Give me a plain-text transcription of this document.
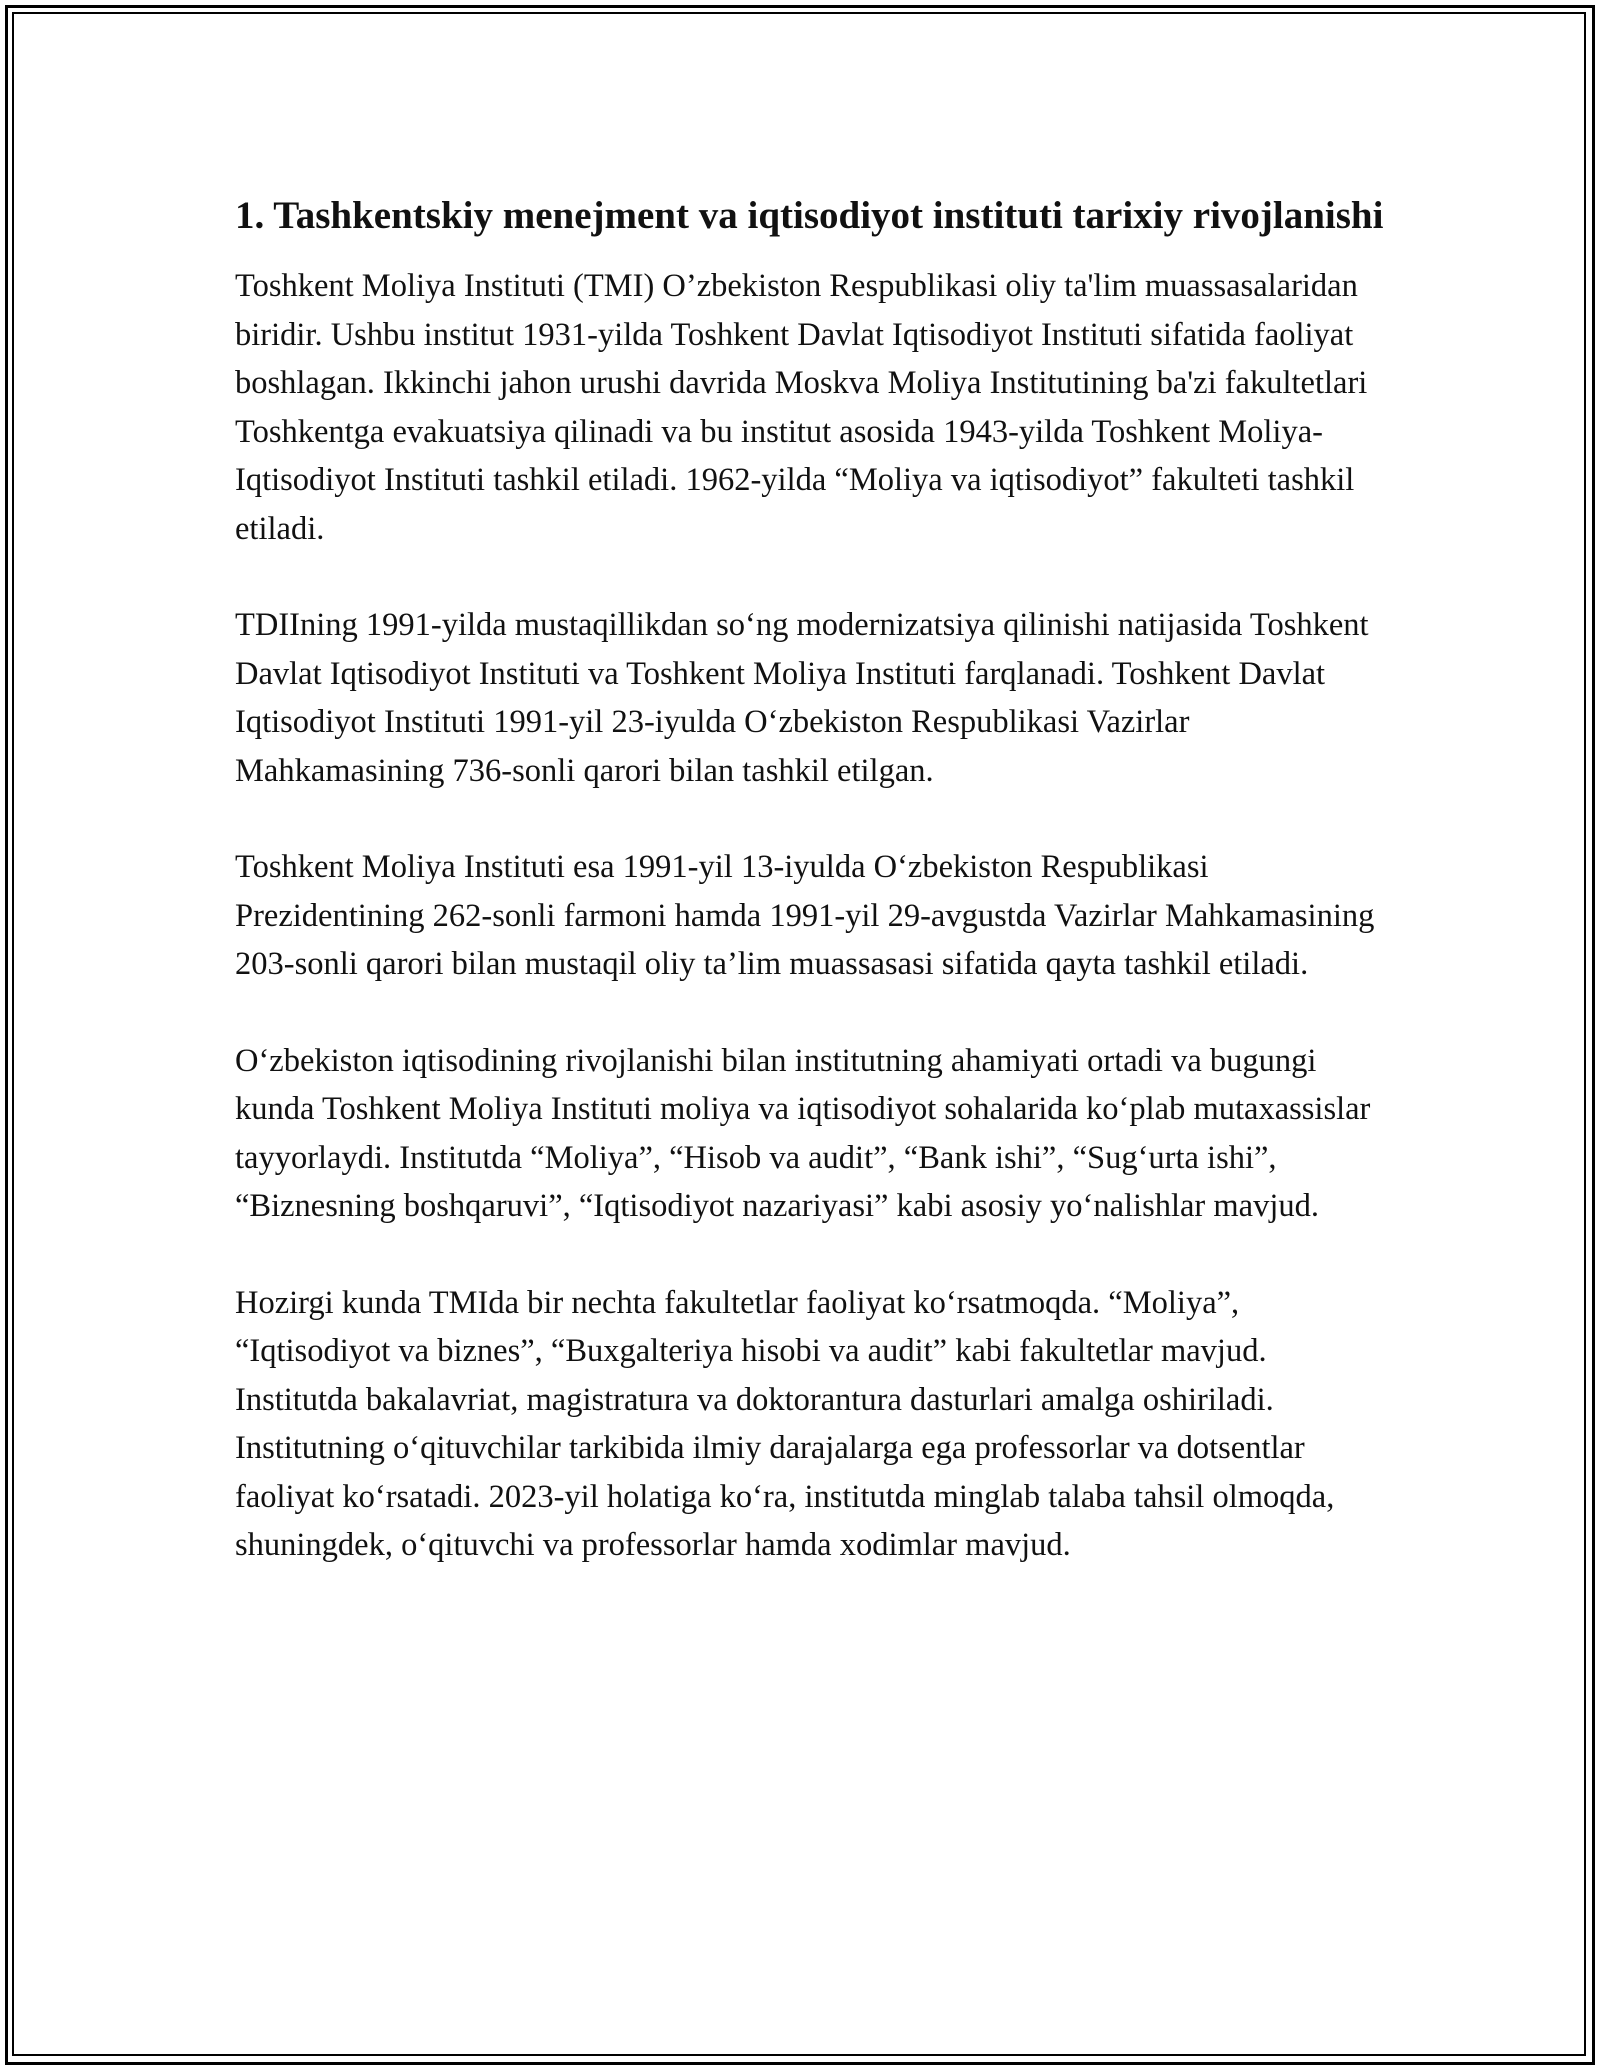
1. Tashkentskiy menejment va iqtisodiyot instituti tarixiy rivojlanishi

Toshkent Moliya Instituti (TMI) O’zbekiston Respublikasi oliy ta'lim muassasalaridan biridir. Ushbu institut 1931-yilda Toshkent Davlat Iqtisodiyot Instituti sifatida faoliyat boshlagan. Ikkinchi jahon urushi davrida Moskva Moliya Institutining ba'zi fakultetlari Toshkentga evakuatsiya qilinadi va bu institut asosida 1943-yilda Toshkent Moliya- Iqtisodiyot Instituti tashkil etiladi. 1962-yilda “Moliya va iqtisodiyot” fakulteti tashkil etiladi.

TDIIning 1991-yilda mustaqillikdan so‘ng modernizatsiya qilinishi natijasida Toshkent Davlat Iqtisodiyot Instituti va Toshkent Moliya Instituti farqlanadi. Toshkent Davlat Iqtisodiyot Instituti 1991-yil 23-iyulda O‘zbekiston Respublikasi Vazirlar Mahkamasining 736-sonli qarori bilan tashkil etilgan.

Toshkent Moliya Instituti esa 1991-yil 13-iyulda O‘zbekiston Respublikasi Prezidentining 262-sonli farmoni hamda 1991-yil 29-avgustda Vazirlar Mahkamasining 203-sonli qarori bilan mustaqil oliy ta’lim muassasasi sifatida qayta tashkil etiladi.

O‘zbekiston iqtisodining rivojlanishi bilan institutning ahamiyati ortadi va bugungi kunda Toshkent Moliya Instituti moliya va iqtisodiyot sohalarida ko‘plab mutaxassislar tayyorlaydi. Institutda “Moliya”, “Hisob va audit”, “Bank ishi”, “Sug‘urta ishi”, “Biznesning boshqaruvi”, “Iqtisodiyot nazariyasi” kabi asosiy yo‘nalishlar mavjud.

Hozirgi kunda TMIda bir nechta fakultetlar faoliyat ko‘rsatmoqda. “Moliya”, “Iqtisodiyot va biznes”, “Buxgalteriya hisobi va audit” kabi fakultetlar mavjud. Institutda bakalavriat, magistratura va doktorantura dasturlari amalga oshiriladi. Institutning o‘qituvchilar tarkibida ilmiy darajalarga ega professorlar va dotsentlar faoliyat ko‘rsatadi. 2023-yil holatiga ko‘ra, institutda minglab talaba tahsil olmoqda, shuningdek, o‘qituvchi va professorlar hamda xodimlar mavjud.
